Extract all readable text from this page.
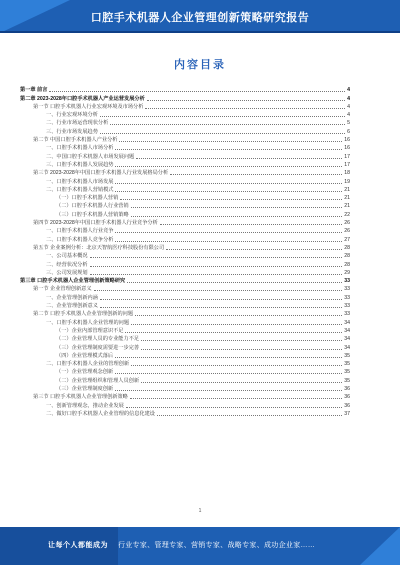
口腔手术机器人企业管理创新策略研究报告
内容目录
第一章 前言	4
第二章 2023-2028年口腔手术机器人产业运营发展分析	4
第一节 口腔手术机器人行业宏观环境及市场分析	4
一、行业宏观环境分析	4
二、行业市场运营现状分析	5
三、行业市场发展趋势	6
第二节 中国口腔手术机器人产业分析	16
一、口腔手术机器人市场分析	16
二、中国口腔手术机器人市场发展问题	17
三、口腔手术机器人发展趋势	17
第三节 2023-2028年中国口腔手术机器人行业发展格局分析	18
一、口腔手术机器人市场发展	19
二、口腔手术机器人营销模式	21
（一）口腔手术机器人营销	21
（二）口腔手术机器人行业营销	21
（三）口腔手术机器人营销策略	22
第四节 2023-2028年中国口腔手术机器人行业竞争分析	26
一、口腔手术机器人行业竞争	26
二、口腔手术机器人竞争分析	27
第五节 企业案例分析：北京天智航医疗科技股份有限公司	28
一、公司基本概况	28
二、经营状况分析	28
三、公司发展规划	29
第三章 口腔手术机器人企业管理创新策略研究	33
第一节 企业管理创新意义	33
一、企业管理创新内涵	33
二、企业管理创新意义	33
第二节 口腔手术机器人企业管理创新的问题	33
一、口腔手术机器人企业管理的问题	34
（一）企业内部管理意识不足	34
（二）企业管理人员的专业能力不足	34
（三）企业管理制度需要进一步完善	34
（四）企业管理模式落后	35
二、口腔手术机器人企业的管理创新	35
（一）企业管理观念创新	35
（二）企业管理组织和管理人员创新	35
（三）企业管理制度创新	36
第三节 口腔手术机器人企业管理创新策略	36
一、创新管理观念，推动企业发展	36
二、做好口腔手术机器人企业管理的信息化建设	37
1
让每个人都能成为 行业专家、管理专家、营销专家、战略专家、成功企业家……
